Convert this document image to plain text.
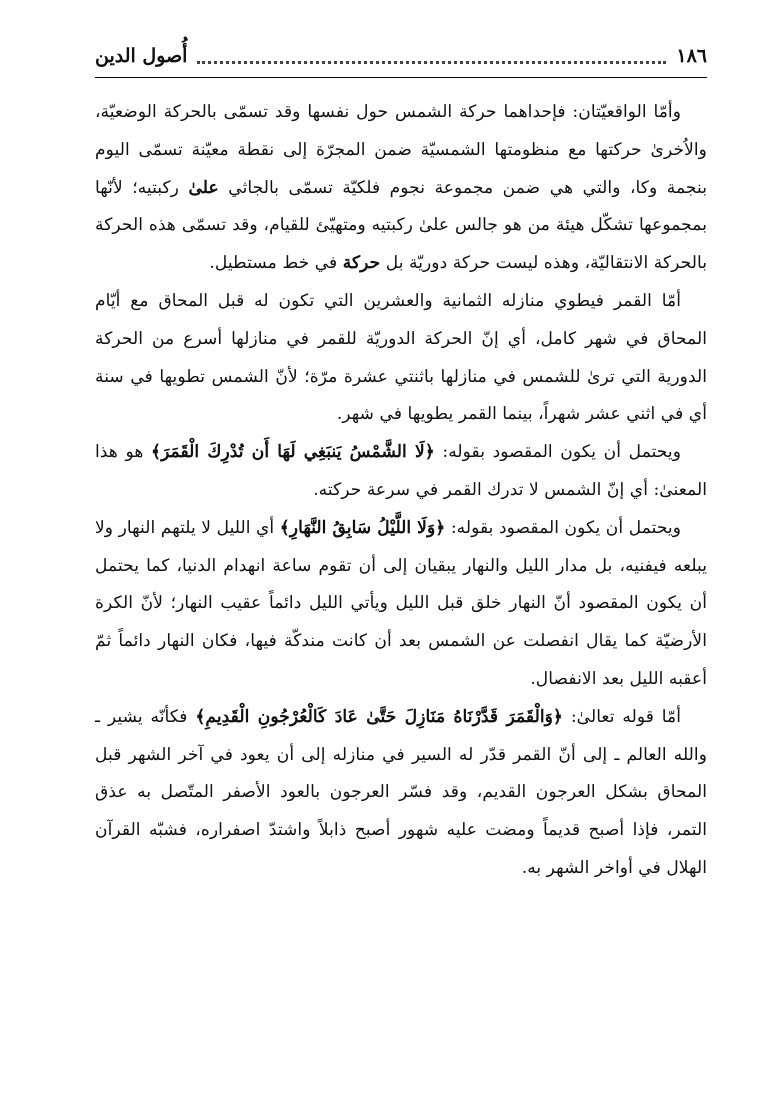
١٨٦
أُصول الدين

وأمّا الواقعيّتان: فإحداهما حركة الشمس حول نفسها وقد تسمّى بالحركة الوضعيّة، والاُخرىٰ حركتها مع منظومتها الشمسيّة ضمن المجرّة إلى نقطة معيّنة تسمّى اليوم بنجمة وكا، والتي هي ضمن مجموعة نجوم فلكيّة تسمّى بالجاثي علىٰ ركبتيه؛ لأنّها بمجموعها تشكّل هيئة من هو جالس علىٰ ركبتيه ومتهيّئ للقيام، وقد تسمّى هذه الحركة بالحركة الانتقاليّة، وهذه ليست حركة دوريّة بل حركة في خط مستطيل.

أمّا القمر فيطوي منازله الثمانية والعشرين التي تكون له قبل المحاق مع أيّام المحاق في شهر كامل، أي إنّ الحركة الدوريّة للقمر في منازلها أسرع من الحركة الدورية التي ترىٰ للشمس في منازلها باثنتي عشرة مرّة؛ لأنّ الشمس تطويها في سنة أي في اثني عشر شهراً، بينما القمر يطويها في شهر.

ويحتمل أن يكون المقصود بقوله: ﴿لَا الشَّمْسُ يَنبَغِي لَهَا أَن تُدْرِكَ الْقَمَرَ﴾ هو هذا المعنىٰ: أي إنّ الشمس لا تدرك القمر في سرعة حركته.

ويحتمل أن يكون المقصود بقوله: ﴿وَلَا اللَّيْلُ سَابِقُ النَّهَارِ﴾ أي الليل لا يلتهم النهار ولا يبلعه فيفنيه، بل مدار الليل والنهار يبقيان إلى أن تقوم ساعة انهدام الدنيا، كما يحتمل أن يكون المقصود أنّ النهار خلق قبل الليل ويأتي الليل دائماً عقيب النهار؛ لأنّ الكرة الأرضيّة كما يقال انفصلت عن الشمس بعد أن كانت مندكّة فيها، فكان النهار دائماً ثمّ أعقبه الليل بعد الانفصال.

أمّا قوله تعالىٰ: ﴿وَالْقَمَرَ قَدَّرْنَاهُ مَنَازِلَ حَتَّىٰ عَادَ كَالْعُرْجُونِ الْقَدِيمِ﴾ فكأنّه يشير ـ والله العالم ـ إلى أنّ القمر قدّر له السير في منازله إلى أن يعود في آخر الشهر قبل المحاق بشكل العرجون القديم، وقد فسّر العرجون بالعود الأصفر المتّصل به عذق التمر، فإذا أصبح قديماً ومضت عليه شهور أصبح ذابلاً واشتدّ اصفراره، فشبّه القرآن الهلال في أواخر الشهر به.
